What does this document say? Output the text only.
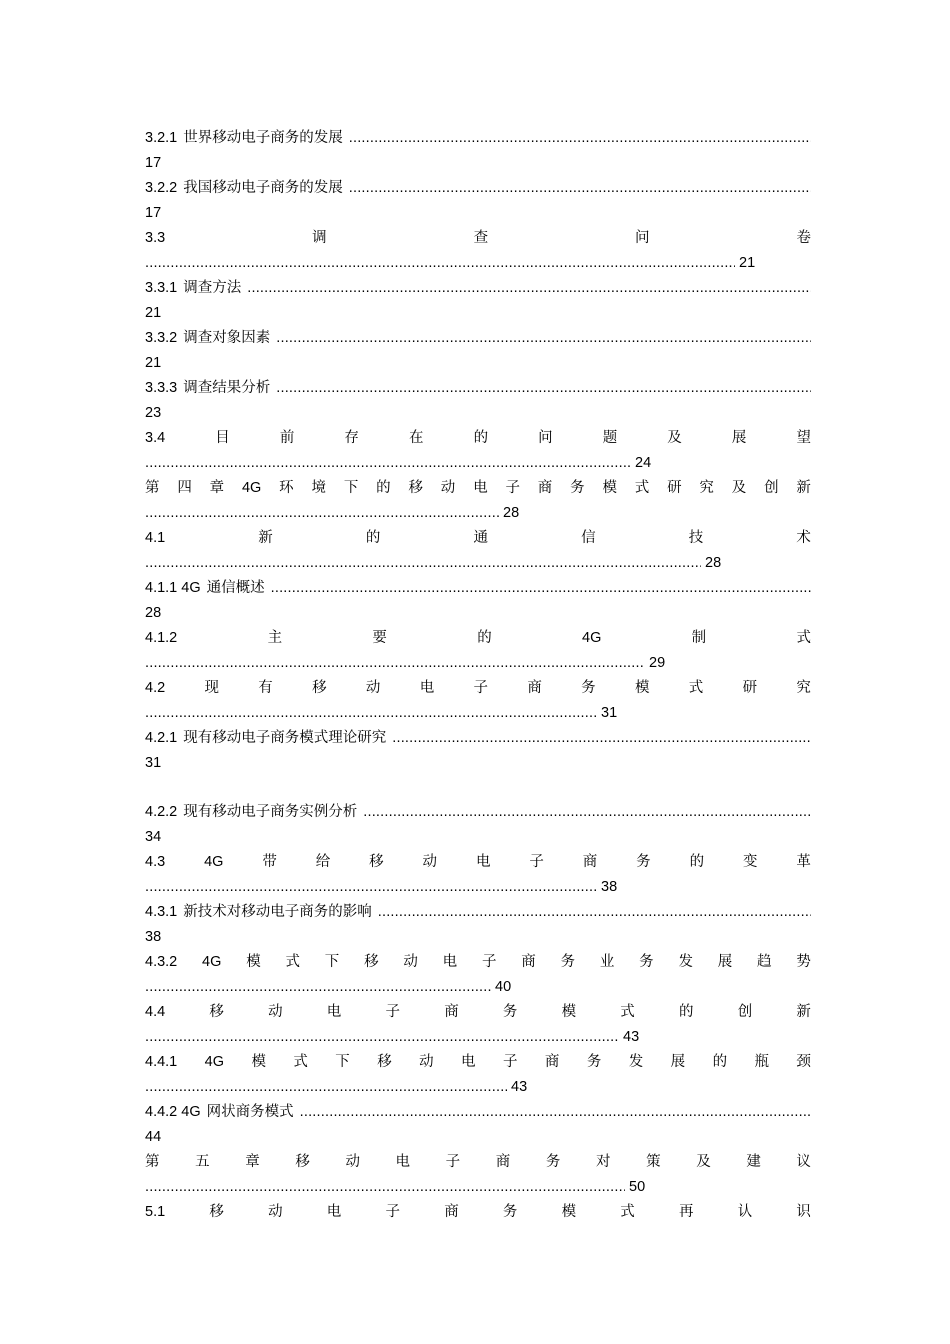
3.2.1 世界移动电子商务的发展
.....
17
3.2.2 我国移动电子商务的发展
.....
17
3.3	调	查	问	卷
.....
21
3.3.1 调查方法
.....
21
3.3.2 调查对象因素
.....
21
3.3.3 调查结果分析
.....
23
3.4	目	前	存	在	的	问	题	及	展	望
.....
24
第 四 章 4G 环 境 下 的 移 动 电 子 商 务 模 式 研 究 及 创 新
.....
28
4.1	新	的	通	信	技	术
.....
28
4.1.1 4G 通信概述
.....
28
4.1.2	主	要	的	4G	制	式
.....
29
4.2	现	有	移	动	电	子	商	务	模	式	研	究
.....
31
4.2.1 现有移动电子商务模式理论研究
.....
31
4.2.2 现有移动电子商务实例分析
.....
34
4.3	4G	带	给	移	动	电	子	商	务	的	变	革
.....
38
4.3.1 新技术对移动电子商务的影响
.....
38
4.3.2 4G 模 式 下 移 动 电 子 商 务 业 务 发 展 趋 势
.....
40
4.4	移	动	电	子	商	务	模	式	的	创	新
.....
43
4.4.1 4G 模 式 下 移 动 电 子 商 务 发 展 的 瓶 颈
.....
43
4.4.2 4G 网状商务模式
.....
44
第 五 章 移 动 电 子 商 务 对 策 及 建 议
.....
50
5.1	移	动	电	子	商	务	模	式	再	认	识
